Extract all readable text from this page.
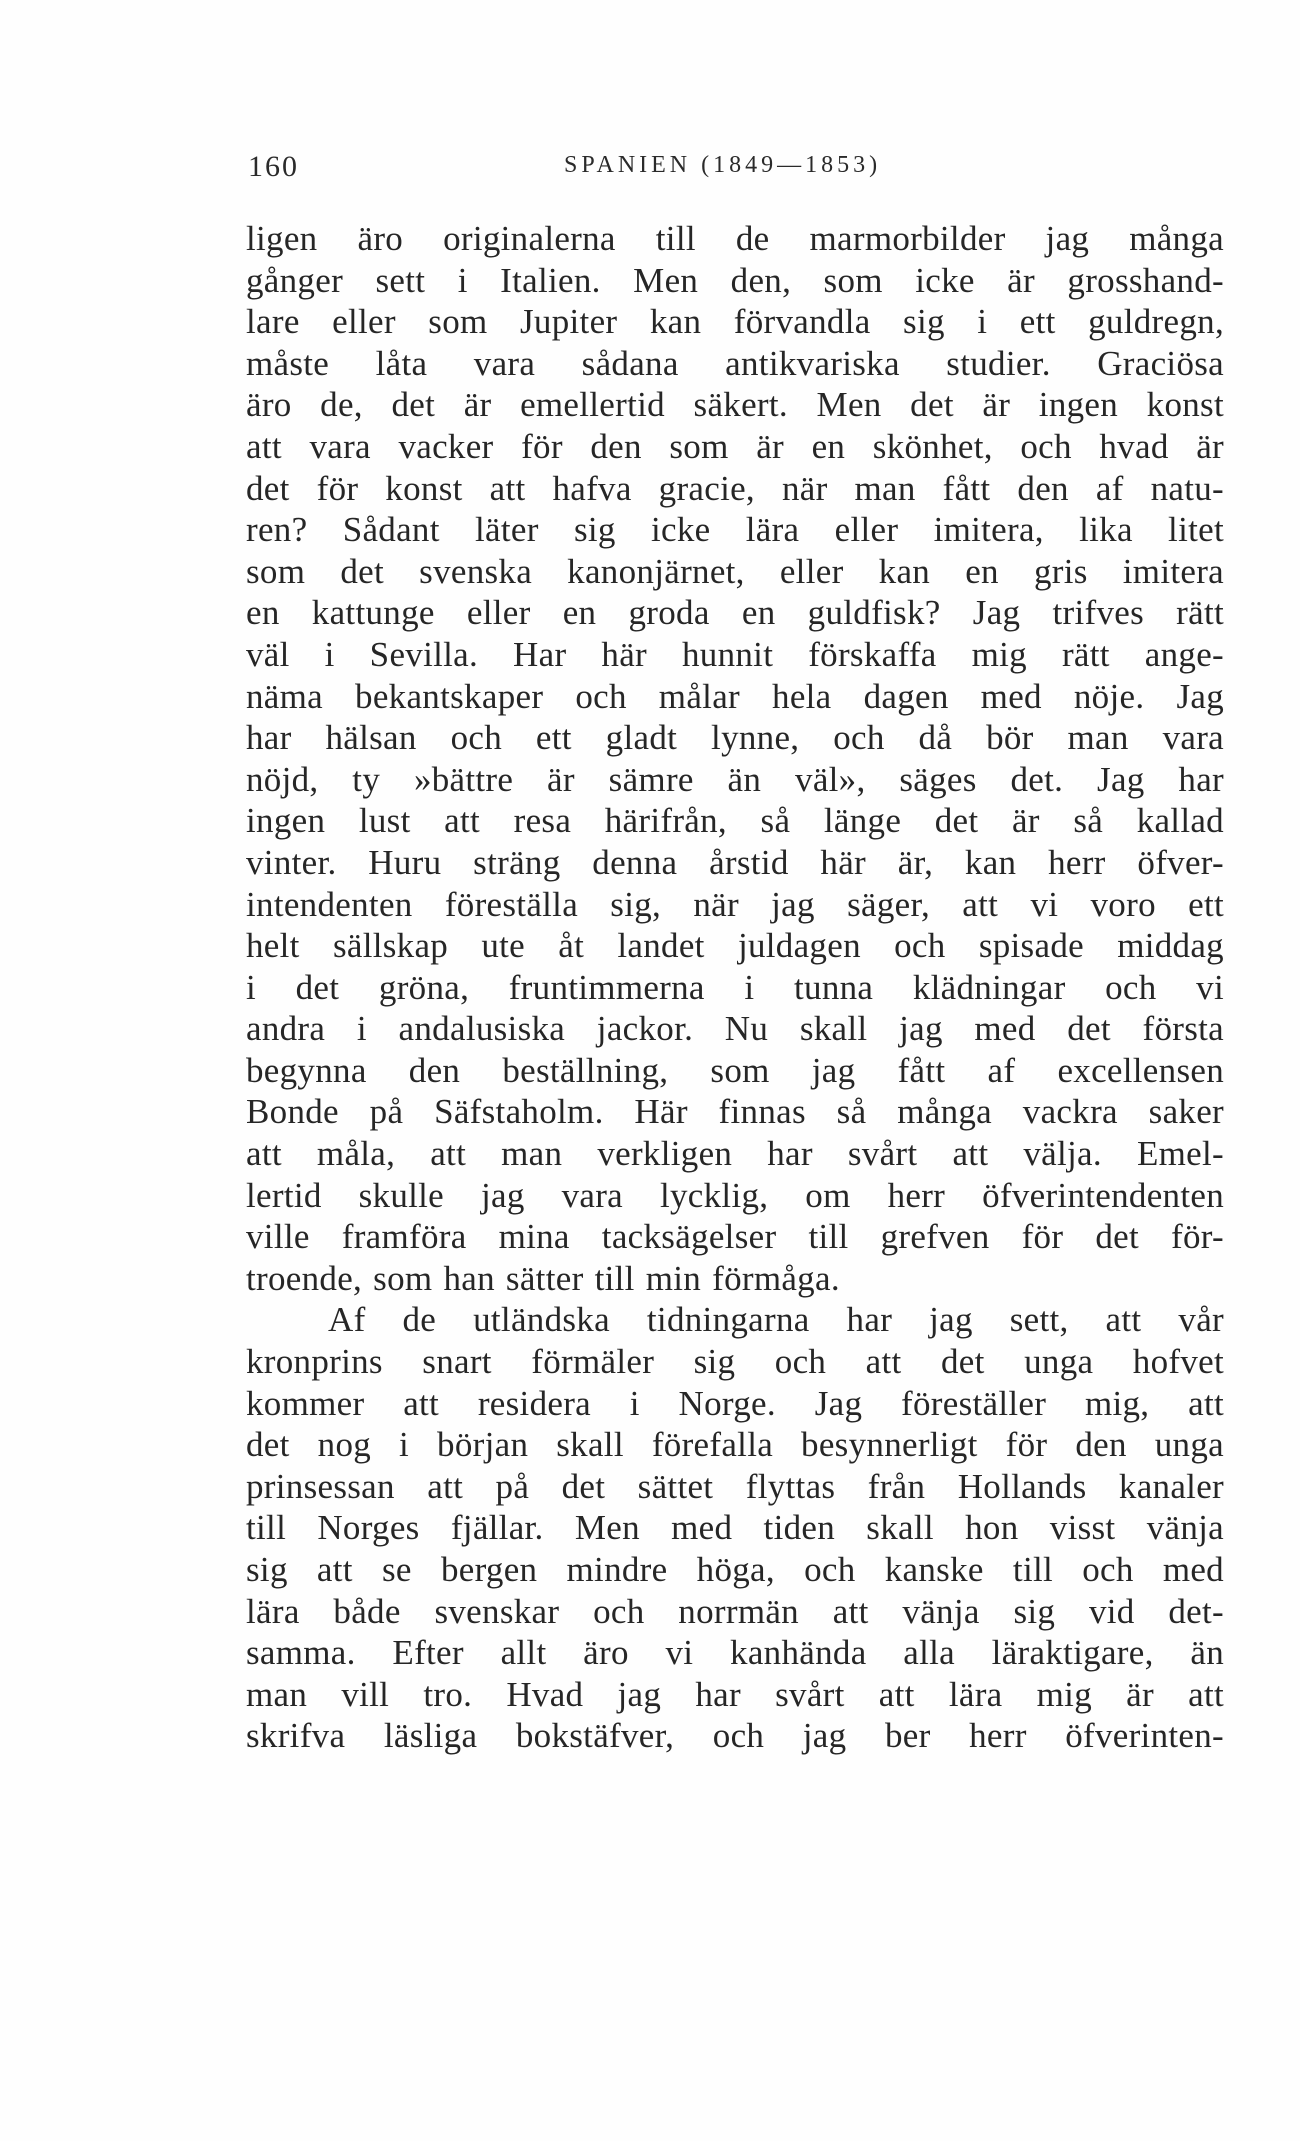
160	SPANIEN (1849—1853)
ligen äro originalerna till de marmorbilder jag många
gånger sett i Italien. Men den, som icke är grosshand-
lare eller som Jupiter kan förvandla sig i ett guldregn,
måste låta vara sådana antikvariska studier. Graciösa
äro de, det är emellertid säkert. Men det är ingen konst
att vara vacker för den som är en skönhet, och hvad är
det för konst att hafva gracie, när man fått den af natu-
ren? Sådant läter sig icke lära eller imitera, lika litet
som det svenska kanonjärnet, eller kan en gris imitera
en kattunge eller en groda en guldfisk? Jag trifves rätt
väl i Sevilla. Har här hunnit förskaffa mig rätt ange-
näma bekantskaper och målar hela dagen med nöje. Jag
har hälsan och ett gladt lynne, och då bör man vara
nöjd, ty »bättre är sämre än väl», säges det. Jag har
ingen lust att resa härifrån, så länge det är så kallad
vinter. Huru sträng denna årstid här är, kan herr öfver-
intendenten föreställa sig, när jag säger, att vi voro ett
helt sällskap ute åt landet juldagen och spisade middag
i det gröna, fruntimmerna i tunna klädningar och vi
andra i andalusiska jackor. Nu skall jag med det första
begynna den beställning, som jag fått af excellensen
Bonde på Säfstaholm. Här finnas så många vackra saker
att måla, att man verkligen har svårt att välja. Emel-
lertid skulle jag vara lycklig, om herr öfverintendenten
ville framföra mina tacksägelser till grefven för det för-
troende, som han sätter till min förmåga.
Af de utländska tidningarna har jag sett, att vår
kronprins snart förmäler sig och att det unga hofvet
kommer att residera i Norge. Jag föreställer mig, att
det nog i början skall förefalla besynnerligt för den unga
prinsessan att på det sättet flyttas från Hollands kanaler
till Norges fjällar. Men med tiden skall hon visst vänja
sig att se bergen mindre höga, och kanske till och med
lära både svenskar och norrmän att vänja sig vid det-
samma. Efter allt äro vi kanhända alla läraktigare, än
man vill tro. Hvad jag har svårt att lära mig är att
skrifva läsliga bokstäfver, och jag ber herr öfverinten-
